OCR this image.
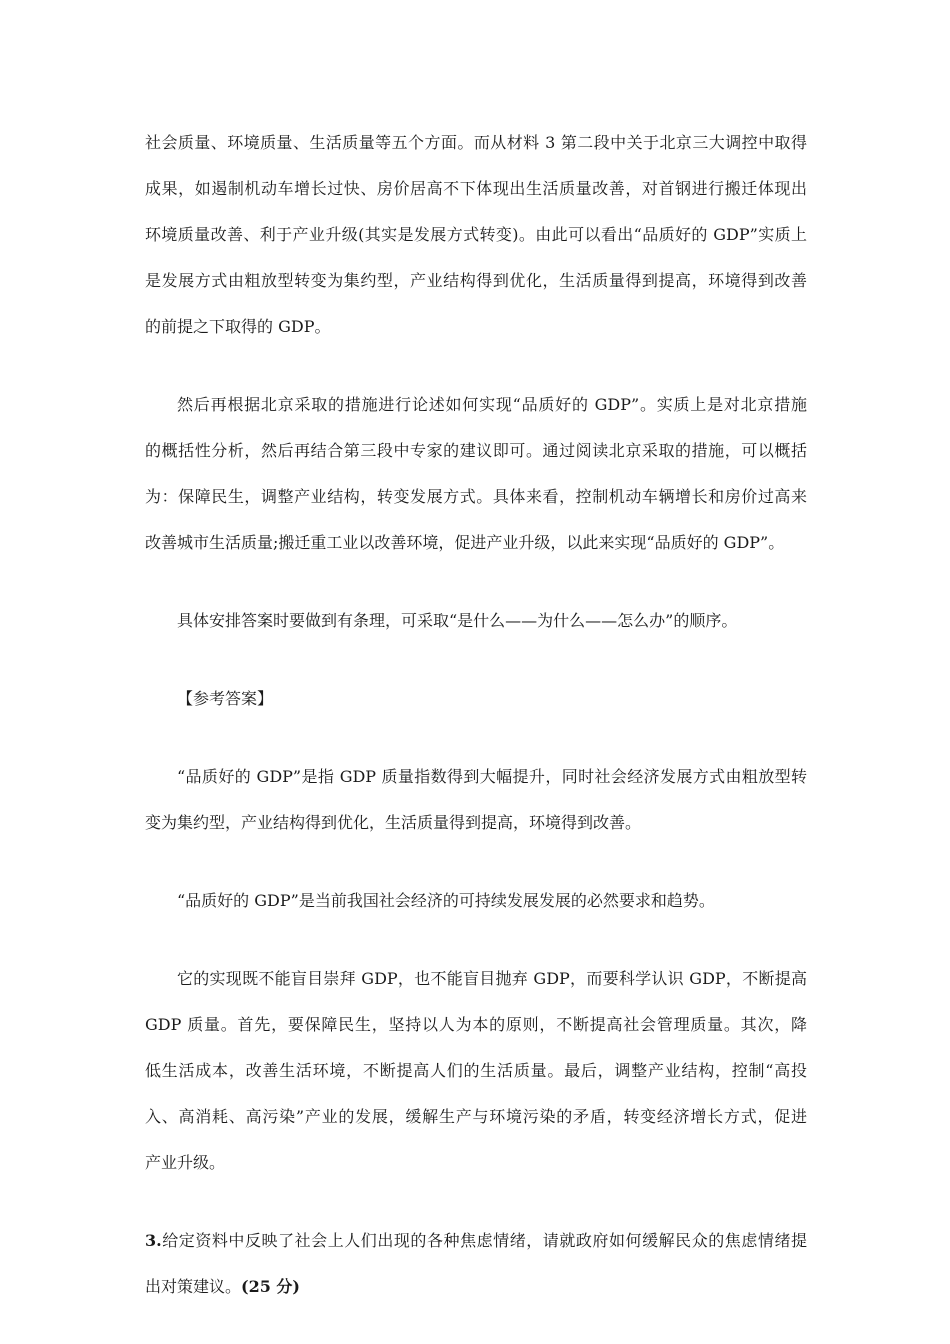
社会质量、环境质量、生活质量等五个方面。而从材料 3 第二段中关于北京三大调控中取得
成果，如遏制机动车增长过快、房价居高不下体现出生活质量改善，对首钢进行搬迁体现出
环境质量改善、利于产业升级(其实是发展方式转变)。由此可以看出“品质好的 GDP”实质上
是发展方式由粗放型转变为集约型，产业结构得到优化，生活质量得到提高，环境得到改善
的前提之下取得的 GDP。
然后再根据北京采取的措施进行论述如何实现“品质好的 GDP”。实质上是对北京措施
的概括性分析，然后再结合第三段中专家的建议即可。通过阅读北京采取的措施，可以概括
为：保障民生，调整产业结构，转变发展方式。具体来看，控制机动车辆增长和房价过高来
改善城市生活质量;搬迁重工业以改善环境，促进产业升级，以此来实现“品质好的 GDP”。
具体安排答案时要做到有条理，可采取“是什么——为什么——怎么办”的顺序。
【参考答案】
“品质好的 GDP”是指 GDP 质量指数得到大幅提升，同时社会经济发展方式由粗放型转
变为集约型，产业结构得到优化，生活质量得到提高，环境得到改善。
“品质好的 GDP”是当前我国社会经济的可持续发展发展的必然要求和趋势。
它的实现既不能盲目崇拜 GDP，也不能盲目抛弃 GDP，而要科学认识 GDP，不断提高
GDP 质量。首先，要保障民生，坚持以人为本的原则，不断提高社会管理质量。其次，降
低生活成本，改善生活环境，不断提高人们的生活质量。最后，调整产业结构，控制“高投
入、高消耗、高污染”产业的发展，缓解生产与环境污染的矛盾，转变经济增长方式，促进
产业升级。
3.给定资料中反映了社会上人们出现的各种焦虑情绪，请就政府如何缓解民众的焦虑情绪提
出对策建议。(25 分)
